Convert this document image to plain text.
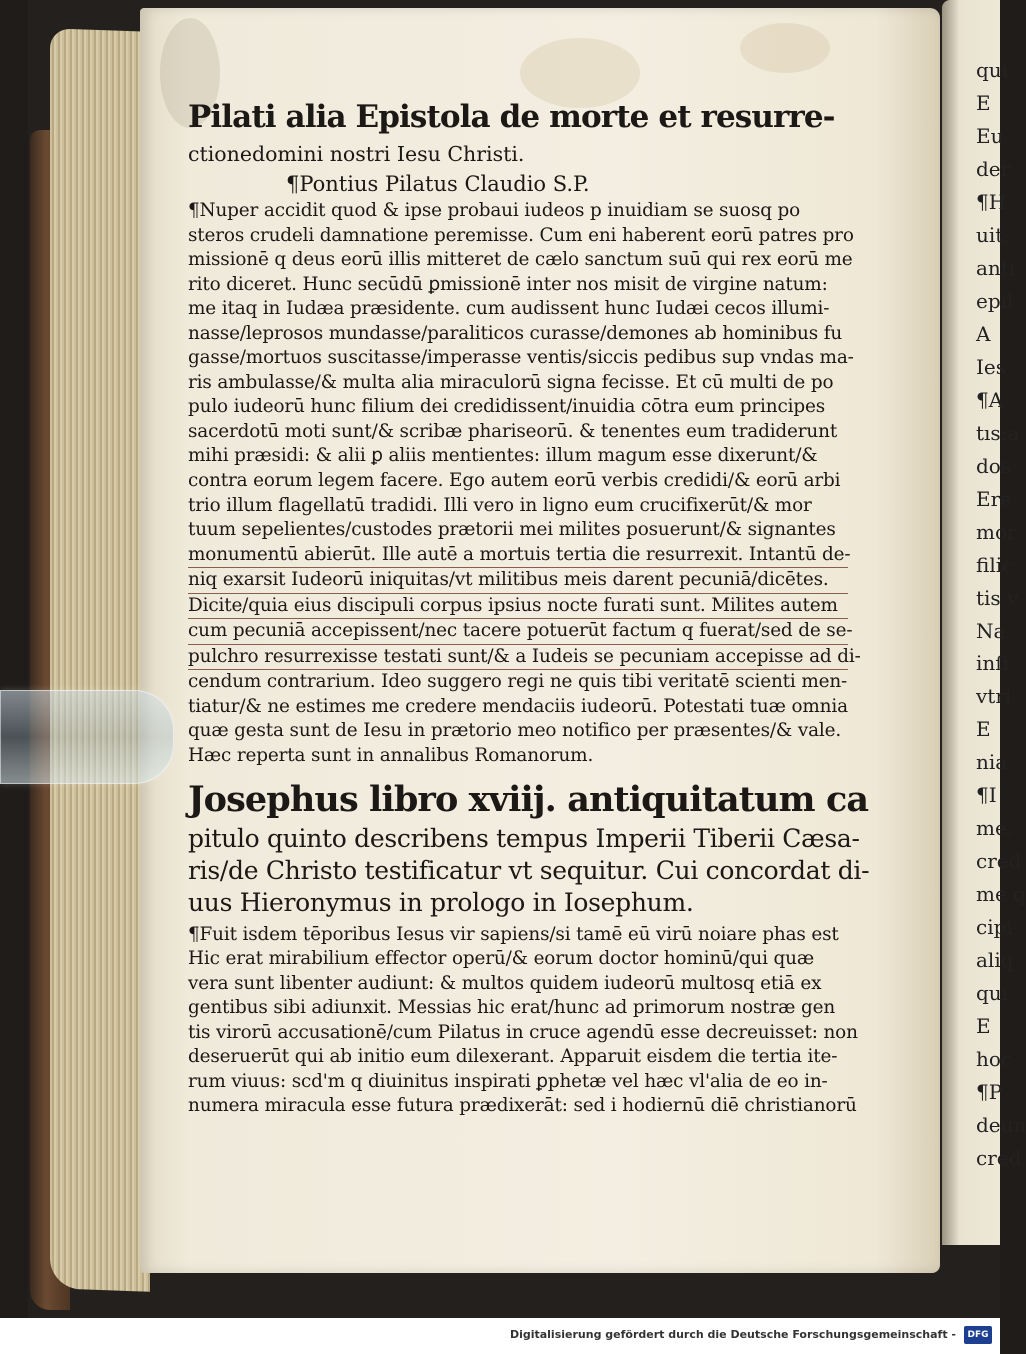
qui
E
Eu
der
¶H
uit,
antı
epil
A
Ies
¶A
tıs:a
dos
Ere
mor
filic
tis v
Na
inſi
vtri
E
nia
¶I
me.
cred
me q
cipi
aliq
quı
E
hoc
¶P
deun
cred
Pilati alia Epistola de morte et resurre-
ctionedomini nostri Iesu Christi.
¶Pontius Pilatus Claudio S.P.
¶Nuper accidit quod & ipse probaui iudeos p inuidiam se suosq po
steros crudeli damnatione peremisse. Cum eni haberent eorū patres pro
missionē q deus eorū illis mitteret de cælo sanctum suū qui rex eorū me
rito diceret. Hunc secūdū ꝑmissionē inter nos misit de virgine natum:
me itaq in Iudæa præsidente. cum audissent hunc Iudæi cecos illumi-
nasse/leprosos mundasse/paraliticos curasse/demones ab hominibus fu
gasse/mortuos suscitasse/imperasse ventis/siccis pedibus sup vndas ma-
ris ambulasse/& multa alia miraculorū signa fecisse. Et cū multi de po
pulo iudeorū hunc filium dei credidissent/inuidia cōtra eum principes
sacerdotū moti sunt/& scribæ phariseorū. & tenentes eum tradiderunt
mihi præsidi: & alii ꝑ aliis mentientes: illum magum esse dixerunt/&
contra eorum legem facere. Ego autem eorū verbis credidi/& eorū arbi
trio illum flagellatū tradidi. Illi vero in ligno eum crucifixerūt/& mor
tuum sepelientes/custodes prætorii mei milites posuerunt/& signantes
monumentū abierūt. Ille autē a mortuis tertia die resurrexit. Intantū de-
niq exarsit Iudeorū iniquitas/vt militibus meis darent pecuniā/dicētes.
Dicite/quia eius discipuli corpus ipsius nocte furati sunt. Milites autem
cum pecuniā accepissent/nec tacere potuerūt factum q fuerat/sed de se-
pulchro resurrexisse testati sunt/& a Iudeis se pecuniam accepisse ad di-
cendum contrarium. Ideo suggero regi ne quis tibi veritatē scienti men-
tiatur/& ne estimes me credere mendaciis iudeorū. Potestati tuæ omnia
quæ gesta sunt de Iesu in prætorio meo notifico per præsentes/& vale.
Hæc reperta sunt in annalibus Romanorum.
Josephus libro xviij. antiquitatum ca
pitulo quinto describens tempus Imperii Tiberii Cæsa-
ris/de Christo testificatur vt sequitur. Cui concordat di-
uus Hieronymus in prologo in Iosephum.
¶Fuit isdem tēporibus Iesus vir sapiens/si tamē eū virū noiare phas est
Hic erat mirabilium effector operū/& eorum doctor hominū/qui quæ
vera sunt libenter audiunt: & multos quidem iudeorū multosq etiā ex
gentibus sibi adiunxit. Messias hic erat/hunc ad primorum nostræ gen
tis virorū accusationē/cum Pilatus in cruce agendū esse decreuisset: non
deseruerūt qui ab initio eum dilexerant. Apparuit eisdem die tertia ite-
rum viuus: scd'm q diuinitus inspirati ꝑphetæ vel hæc vl'alia de eo in-
numera miracula esse futura prædixerāt: sed i hodiernū diē christianorū
Digitalisierung gefördert durch die Deutsche Forschungsgemeinschaft -	DFG
